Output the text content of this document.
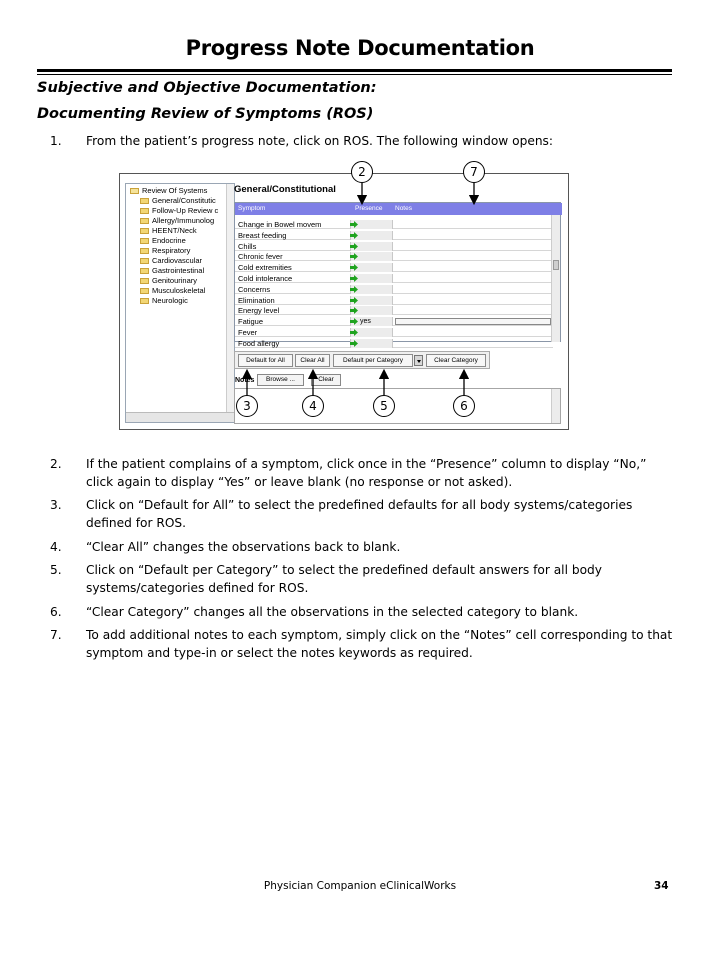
Progress Note Documentation
Subjective and Objective Documentation:
Documenting Review of Symptoms (ROS)
1. From the patient’s progress note, click on ROS. The following window opens:
Review Of Systems
General/Constitutic
Follow-Up Review c
Allergy/Immunolog
HEENT/Neck
Endocrine
Respiratory
Cardiovascular
Gastrointestinal
Genitourinary
Musculoskeletal
Neurologic
General/Constitutional
Symptom	Presence Notes
Change in Bowel movem
Breast feeding
Chills
Chronic fever
Cold extremities
Cold intolerance
Concerns
Elimination
Energy level
Fatigue	yes
Fever
Food allergy
Default for All	Clear All	Default per Category	Clear Category
Notes	Browse ...	Clear
2	7
3	4	5	6
2. If the patient complains of a symptom, click once in the “Presence” column to display “No,” click again to display “Yes” or leave blank (no response or not asked).
3. Click on “Default for All” to select the predefined defaults for all body systems/categories defined for ROS.
4. “Clear All” changes the observations back to blank.
5. Click on “Default per Category” to select the predefined default answers for all body systems/categories defined for ROS.
6. “Clear Category” changes all the observations in the selected category to blank.
7. To add additional notes to each symptom, simply click on the “Notes” cell corresponding to that symptom and type-in or select the notes keywords as required.
Physician Companion eClinicalWorks	34
